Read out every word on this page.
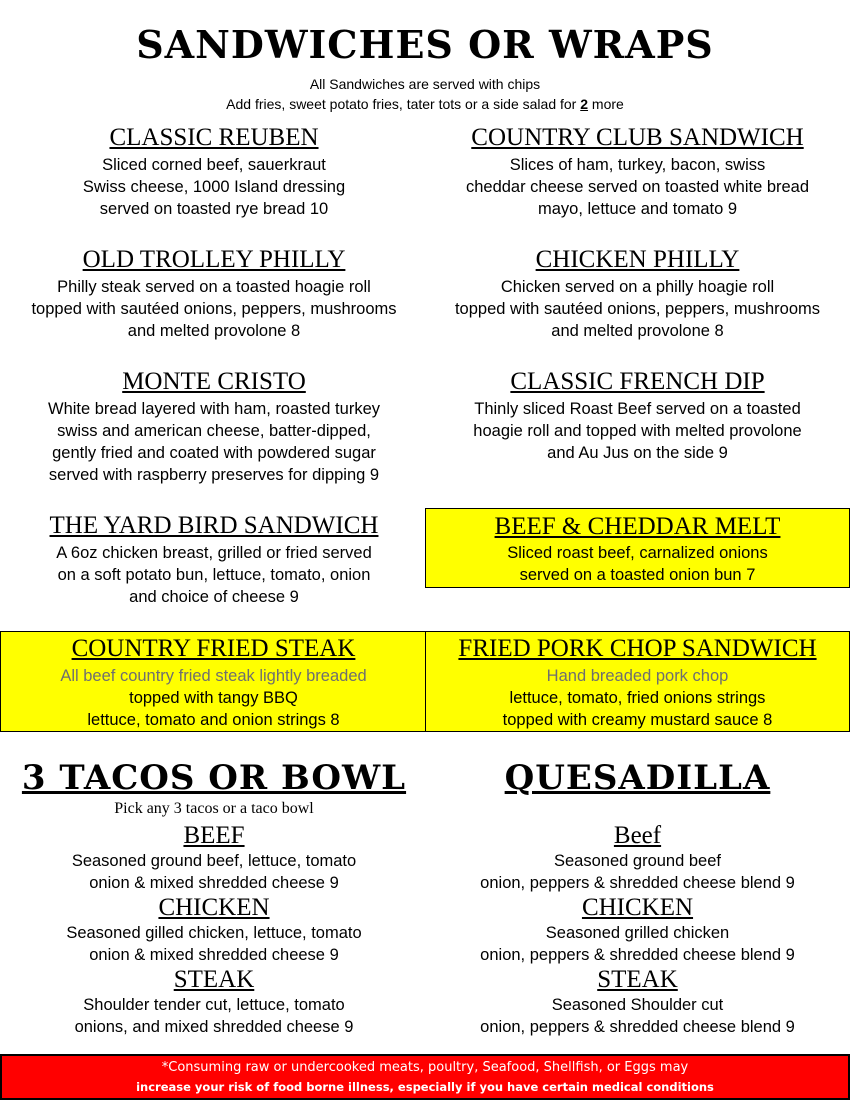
SANDWICHES OR WRAPS
All Sandwiches are served with chips
Add fries, sweet potato fries, tater tots or a side salad for 2 more
CLASSIC REUBEN
Sliced corned beef, sauerkraut
Swiss cheese, 1000 Island dressing
served on toasted rye bread 10
COUNTRY CLUB SANDWICH
Slices of ham, turkey, bacon, swiss
cheddar cheese served on toasted white bread
mayo, lettuce and tomato 9
OLD TROLLEY PHILLY
Philly steak served on a toasted hoagie roll
topped with sautéed onions, peppers, mushrooms
and melted provolone 8
CHICKEN PHILLY
Chicken served on a philly hoagie roll
topped with sautéed onions, peppers, mushrooms
and melted provolone 8
MONTE CRISTO
White bread layered with ham, roasted turkey
swiss and american cheese, batter-dipped,
gently fried and coated with powdered sugar
served with raspberry preserves for dipping 9
CLASSIC FRENCH DIP
Thinly sliced Roast Beef served on a toasted
hoagie roll and topped with melted provolone
and Au Jus on the side 9
THE YARD BIRD SANDWICH
A 6oz chicken breast, grilled or fried served
on a soft potato bun, lettuce, tomato, onion
and choice of cheese 9
BEEF & CHEDDAR MELT
Sliced roast beef, carnalized onions
served on a toasted onion bun 7
COUNTRY FRIED STEAK
All beef country fried steak lightly breaded
topped with tangy BBQ
lettuce, tomato and onion strings 8
FRIED PORK CHOP SANDWICH
Hand breaded pork chop
lettuce, tomato, fried onions strings
topped with creamy mustard sauce 8
3 TACOS OR BOWL
Pick any 3 tacos or a taco bowl
BEEF
Seasoned ground beef, lettuce, tomato
onion & mixed shredded cheese 9
CHICKEN
Seasoned gilled chicken, lettuce, tomato
onion & mixed shredded cheese 9
STEAK
Shoulder tender cut, lettuce, tomato
onions, and mixed shredded cheese 9
QUESADILLA
Beef
Seasoned ground beef
onion, peppers & shredded cheese blend 9
CHICKEN
Seasoned grilled chicken
onion, peppers & shredded cheese blend 9
STEAK
Seasoned Shoulder cut
onion, peppers & shredded cheese blend 9
*Consuming raw or undercooked meats, poultry, Seafood, Shellfish, or Eggs may
increase your risk of food borne illness, especially if you have certain medical conditions
